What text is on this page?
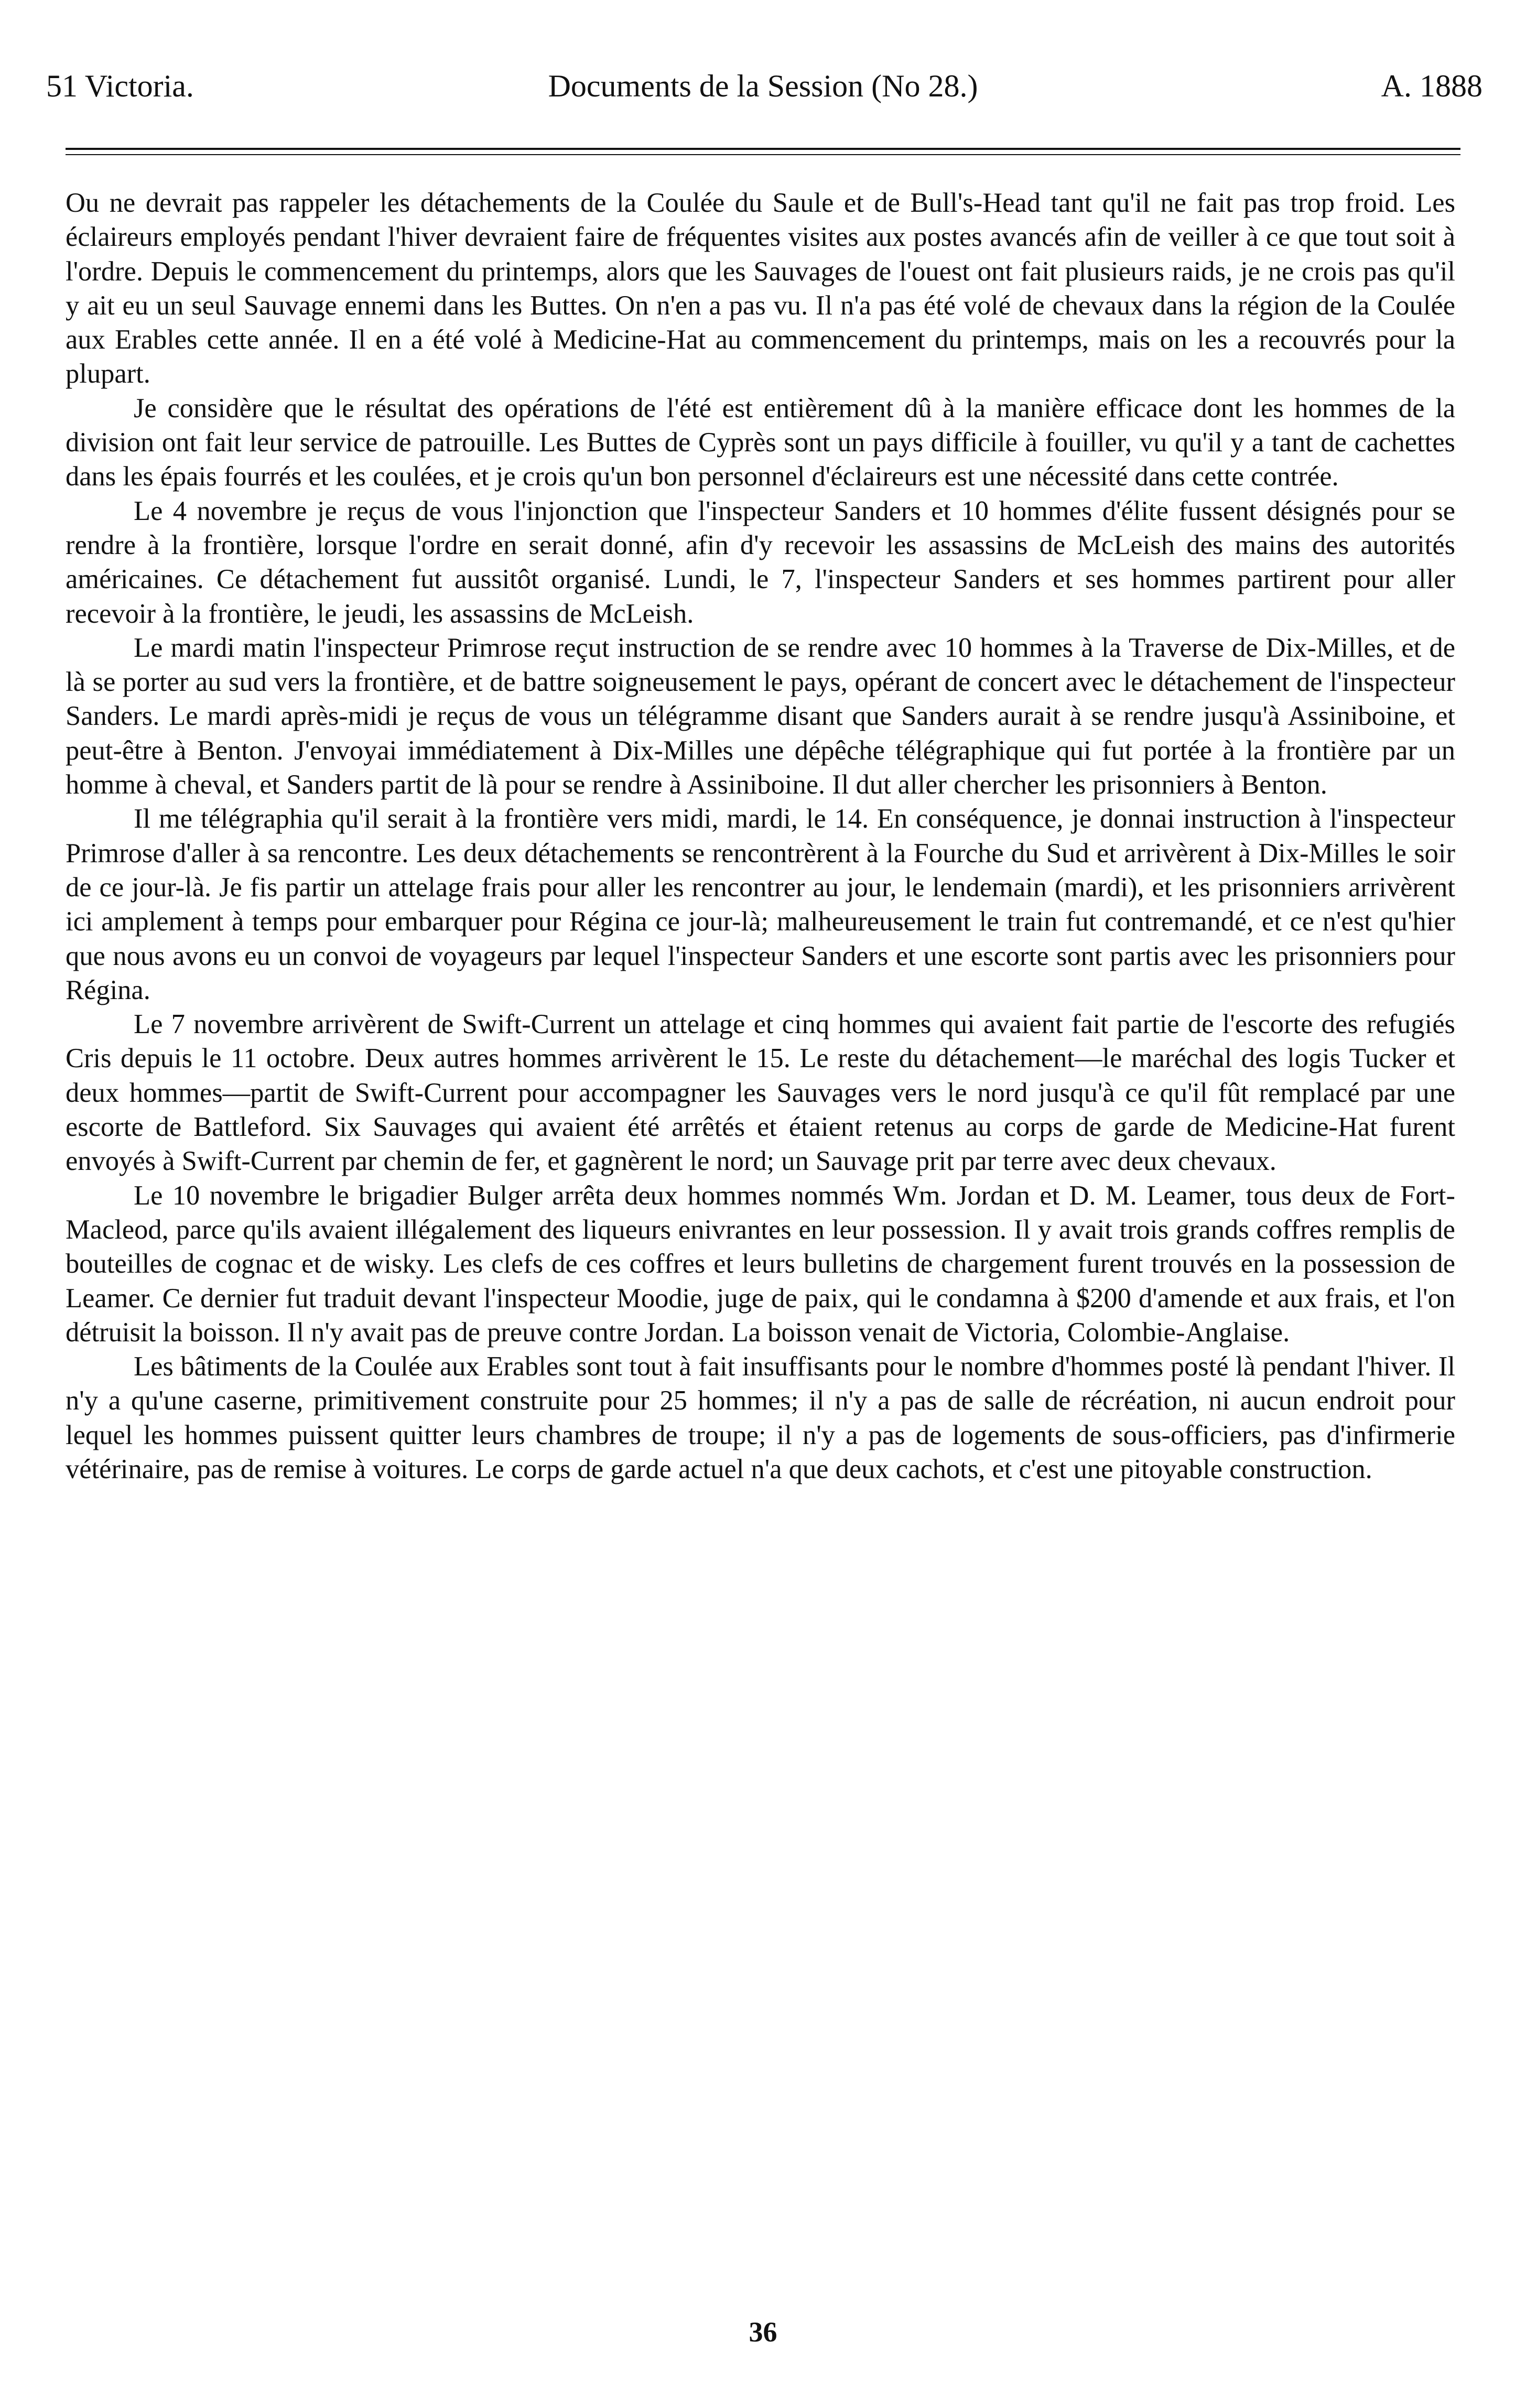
51 Victoria.	Documents de la Session (No 28.)	A. 1888

Ou ne devrait pas rappeler les détachements de la Coulée du Saule et de Bull's-Head tant qu'il ne fait pas trop froid. Les éclaireurs employés pendant l'hiver devraient faire de fréquentes visites aux postes avancés afin de veiller à ce que tout soit à l'ordre. Depuis le commencement du printemps, alors que les Sauvages de l'ouest ont fait plusieurs raids, je ne crois pas qu'il y ait eu un seul Sauvage ennemi dans les Buttes. On n'en a pas vu. Il n'a pas été volé de chevaux dans la région de la Coulée aux Erables cette année. Il en a été volé à Medicine-Hat au commencement du printemps, mais on les a recouvrés pour la plupart.

Je considère que le résultat des opérations de l'été est entièrement dû à la manière efficace dont les hommes de la division ont fait leur service de patrouille. Les Buttes de Cyprès sont un pays difficile à fouiller, vu qu'il y a tant de cachettes dans les épais fourrés et les coulées, et je crois qu'un bon personnel d'éclaireurs est une nécessité dans cette contrée.

Le 4 novembre je reçus de vous l'injonction que l'inspecteur Sanders et 10 hommes d'élite fussent désignés pour se rendre à la frontière, lorsque l'ordre en serait donné, afin d'y recevoir les assassins de McLeish des mains des autorités américaines. Ce détachement fut aussitôt organisé. Lundi, le 7, l'inspecteur Sanders et ses hommes partirent pour aller recevoir à la frontière, le jeudi, les assassins de McLeish.

Le mardi matin l'inspecteur Primrose reçut instruction de se rendre avec 10 hommes à la Traverse de Dix-Milles, et de là se porter au sud vers la frontière, et de battre soigneusement le pays, opérant de concert avec le détachement de l'inspecteur Sanders. Le mardi après-midi je reçus de vous un télégramme disant que Sanders aurait à se rendre jusqu'à Assiniboine, et peut-être à Benton. J'envoyai immédiatement à Dix-Milles une dépêche télégraphique qui fut portée à la frontière par un homme à cheval, et Sanders partit de là pour se rendre à Assiniboine. Il dut aller chercher les prisonniers à Benton.

Il me télégraphia qu'il serait à la frontière vers midi, mardi, le 14. En conséquence, je donnai instruction à l'inspecteur Primrose d'aller à sa rencontre. Les deux détachements se rencontrèrent à la Fourche du Sud et arrivèrent à Dix-Milles le soir de ce jour-là. Je fis partir un attelage frais pour aller les rencontrer au jour, le lendemain (mardi), et les prisonniers arrivèrent ici amplement à temps pour embarquer pour Régina ce jour-là; malheureusement le train fut contremandé, et ce n'est qu'hier que nous avons eu un convoi de voyageurs par lequel l'inspecteur Sanders et une escorte sont partis avec les prisonniers pour Régina.

Le 7 novembre arrivèrent de Swift-Current un attelage et cinq hommes qui avaient fait partie de l'escorte des refugiés Cris depuis le 11 octobre. Deux autres hommes arrivèrent le 15. Le reste du détachement—le maréchal des logis Tucker et deux hommes—partit de Swift-Current pour accompagner les Sauvages vers le nord jusqu'à ce qu'il fût remplacé par une escorte de Battleford. Six Sauvages qui avaient été arrêtés et étaient retenus au corps de garde de Medicine-Hat furent envoyés à Swift-Current par chemin de fer, et gagnèrent le nord; un Sauvage prit par terre avec deux chevaux.

Le 10 novembre le brigadier Bulger arrêta deux hommes nommés Wm. Jordan et D. M. Leamer, tous deux de Fort-Macleod, parce qu'ils avaient illégalement des liqueurs enivrantes en leur possession. Il y avait trois grands coffres remplis de bouteilles de cognac et de wisky. Les clefs de ces coffres et leurs bulletins de chargement furent trouvés en la possession de Leamer. Ce dernier fut traduit devant l'inspecteur Moodie, juge de paix, qui le condamna à $200 d'amende et aux frais, et l'on détruisit la boisson. Il n'y avait pas de preuve contre Jordan. La boisson venait de Victoria, Colombie-Anglaise.

Les bâtiments de la Coulée aux Erables sont tout à fait insuffisants pour le nombre d'hommes posté là pendant l'hiver. Il n'y a qu'une caserne, primitivement construite pour 25 hommes; il n'y a pas de salle de récréation, ni aucun endroit pour lequel les hommes puissent quitter leurs chambres de troupe; il n'y a pas de logements de sous-officiers, pas d'infirmerie vétérinaire, pas de remise à voitures. Le corps de garde actuel n'a que deux cachots, et c'est une pitoyable construction.

36
